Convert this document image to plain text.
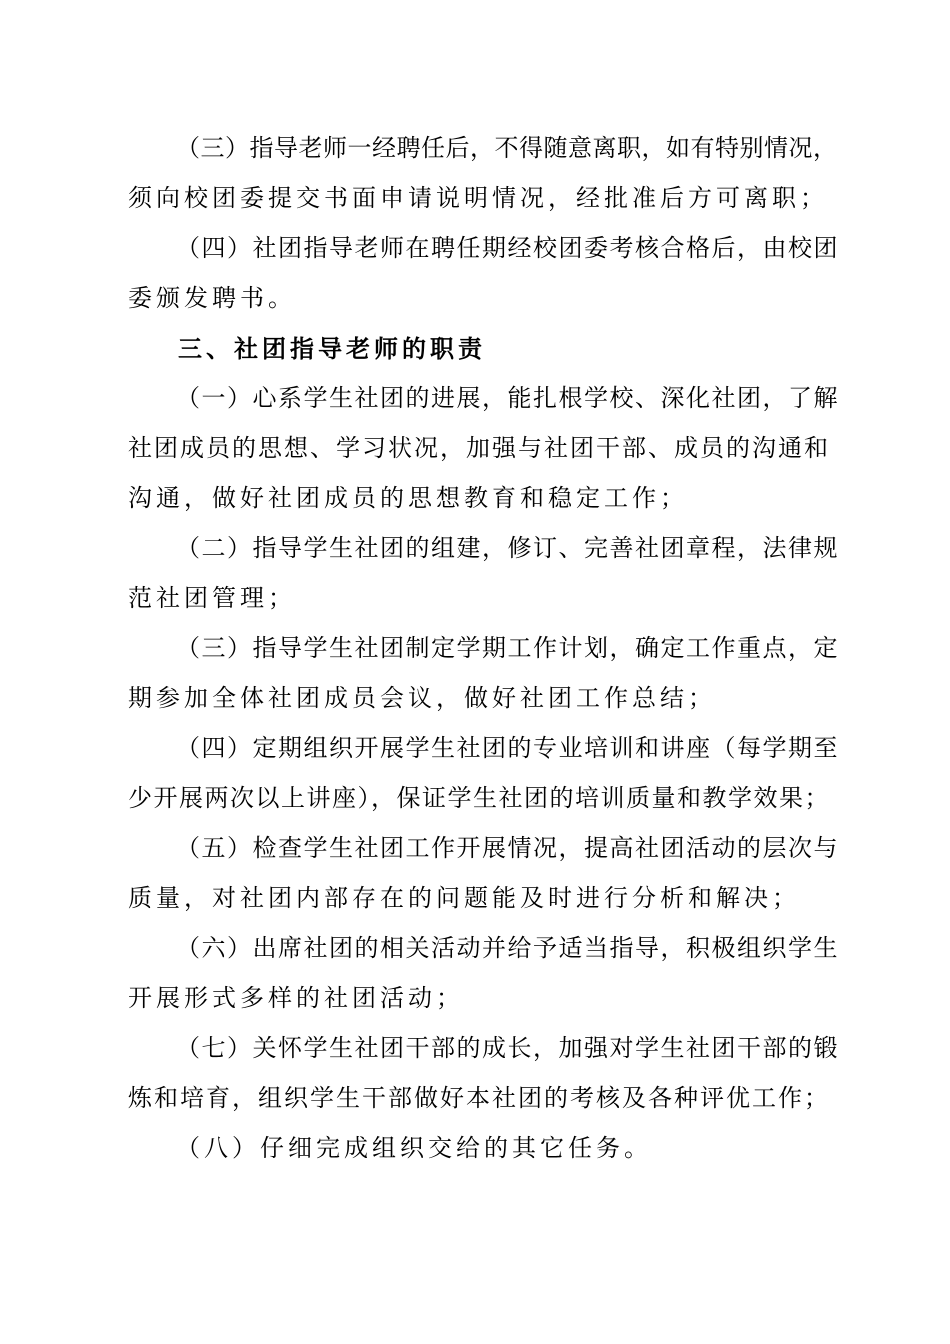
（三）指导老师一经聘任后，不得随意离职，如有特别情况，
须向校团委提交书面申请说明情况，经批准后方可离职；
（四）社团指导老师在聘任期经校团委考核合格后，由校团
委颁发聘书。
三、社团指导老师的职责
（一）心系学生社团的进展，能扎根学校、深化社团，了解
社团成员的思想、学习状况，加强与社团干部、成员的沟通和
沟通，做好社团成员的思想教育和稳定工作；
（二）指导学生社团的组建，修订、完善社团章程，法律规
范社团管理；
（三）指导学生社团制定学期工作计划，确定工作重点，定
期参加全体社团成员会议，做好社团工作总结；
（四）定期组织开展学生社团的专业培训和讲座（每学期至
少开展两次以上讲座），保证学生社团的培训质量和教学效果；
（五）检查学生社团工作开展情况，提高社团活动的层次与
质量，对社团内部存在的问题能及时进行分析和解决；
（六）出席社团的相关活动并给予适当指导，积极组织学生
开展形式多样的社团活动；
（七）关怀学生社团干部的成长，加强对学生社团干部的锻
炼和培育，组织学生干部做好本社团的考核及各种评优工作；
（八）仔细完成组织交给的其它任务。
